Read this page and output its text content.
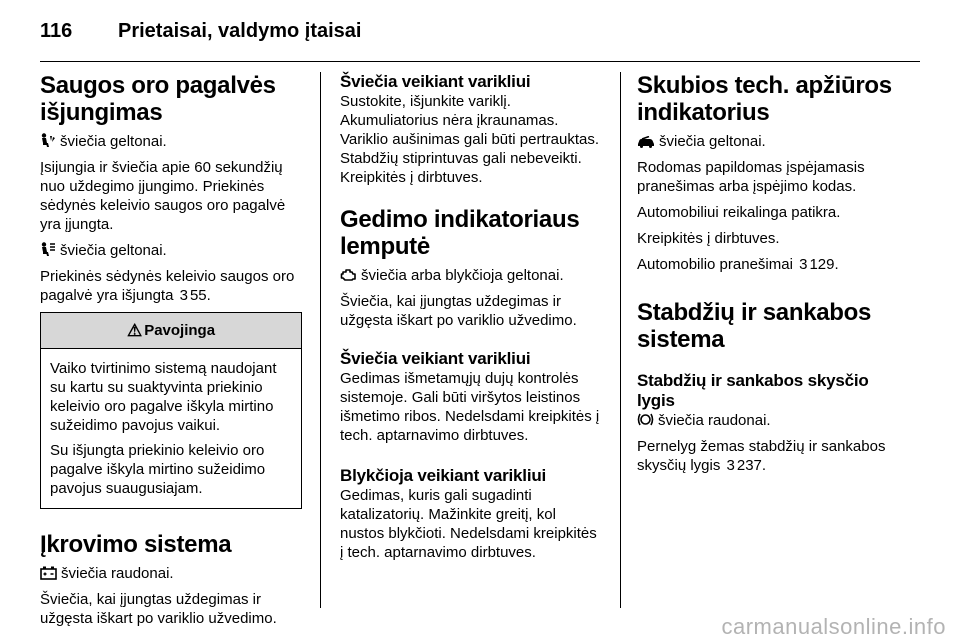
116 Prietaisai, valdymo įtaisai
Saugos oro pagalvės išjungimas

šviečia geltonai.

Įsijungia ir šviečia apie 60 sekundžių nuo uždegimo įjungimo. Priekinės sėdynės keleivio saugos oro pagalvė yra įjungta.

šviečia geltonai.

Priekinės sėdynės keleivio saugos oro pagalvė yra išjungta 3 55.

⚠ Pavojinga

Vaiko tvirtinimo sistemą naudojant su kartu su suaktyvinta priekinio keleivio oro pagalve iškyla mirtino sužeidimo pavojus vaikui.

Su išjungta priekinio keleivio oro pagalve iškyla mirtino sužeidimo pavojus suaugusiajam.

Įkrovimo sistema

šviečia raudonai.

Šviečia, kai įjungtas uždegimas ir užgęsta iškart po variklio užvedimo.

Šviečia veikiant varikliui

Sustokite, išjunkite variklį. Akumuliatorius nėra įkraunamas. Variklio aušinimas gali būti pertrauktas. Stabdžių stiprintuvas gali nebeveikti. Kreipkitės į dirbtuves.

Gedimo indikatoriaus lemputė

šviečia arba blykčioja geltonai.

Šviečia, kai įjungtas uždegimas ir užgęsta iškart po variklio užvedimo.

Šviečia veikiant varikliui

Gedimas išmetamųjų dujų kontrolės sistemoje. Gali būti viršytos leistinos išmetimo ribos. Nedelsdami kreipkitės į tech. aptarnavimo dirbtuves.

Blykčioja veikiant varikliui

Gedimas, kuris gali sugadinti katalizatorių. Mažinkite greitį, kol nustos blykčioti. Nedelsdami kreipkitės į tech. aptarnavimo dirbtuves.

Skubios tech. apžiūros indikatorius

šviečia geltonai.

Rodomas papildomas įspėjamasis pranešimas arba įspėjimo kodas.

Automobiliui reikalinga patikra.

Kreipkitės į dirbtuves.

Automobilio pranešimai 3 129.

Stabdžių ir sankabos sistema
Stabdžių ir sankabos skysčio lygis

šviečia raudonai.

Pernelyg žemas stabdžių ir sankabos skysčių lygis 3 237.

carmanualsonline.info
